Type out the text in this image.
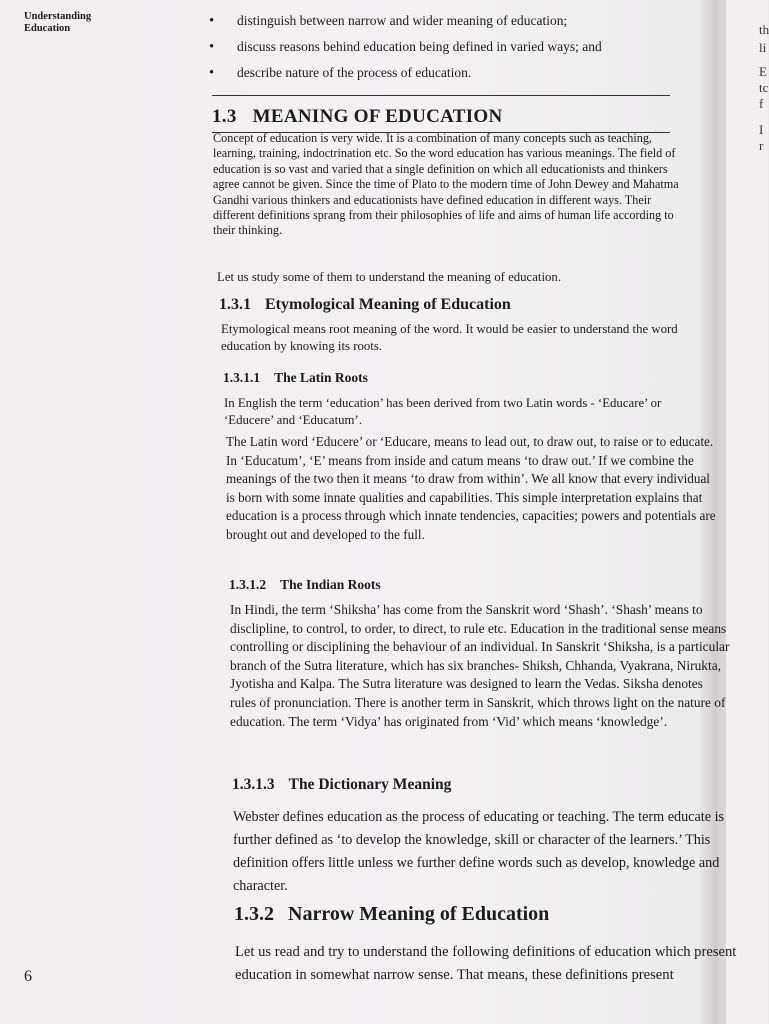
th
li
E
tc
f
I
r
Understanding Education
• distinguish between narrow and wider meaning of education;
• discuss reasons behind education being defined in varied ways; and
• describe nature of the process of education.
1.3 MEANING OF EDUCATION

Concept of education is very wide. It is a combination of many concepts such as teaching, learning, training, indoctrination etc. So the word education has various meanings. The field of education is so vast and varied that a single definition on which all educationists and thinkers agree cannot be given. Since the time of Plato to the modern time of John Dewey and Mahatma Gandhi various thinkers and educationists have defined education in different ways. Their different definitions sprang from their philosophies of life and aims of human life according to their thinking.

Let us study some of them to understand the meaning of education.

1.3.1 Etymological Meaning of Education

Etymological means root meaning of the word. It would be easier to understand the word education by knowing its roots.

1.3.1.1 The Latin Roots

In English the term ‘education’ has been derived from two Latin words - ‘Educare’ or ‘Educere’ and ‘Educatum’.

The Latin word ‘Educere’ or ‘Educare, means to lead out, to draw out, to raise or to educate. In ‘Educatum’, ‘E’ means from inside and catum means ‘to draw out.’ If we combine the meanings of the two then it means ‘to draw from within’. We all know that every individual is born with some innate qualities and capabilities. This simple interpretation explains that education is a process through which innate tendencies, capacities; powers and potentials are brought out and developed to the full.

1.3.1.2 The Indian Roots

In Hindi, the term ‘Shiksha’ has come from the Sanskrit word ‘Shash’. ‘Shash’ means to disclipline, to control, to order, to direct, to rule etc. Education in the traditional sense means controlling or disciplining the behaviour of an individual. In Sanskrit ‘Shiksha, is a particular branch of the Sutra literature, which has six branches- Shiksh, Chhanda, Vyakrana, Nirukta, Jyotisha and Kalpa. The Sutra literature was designed to learn the Vedas. Siksha denotes rules of pronunciation. There is another term in Sanskrit, which throws light on the nature of education. The term ‘Vidya’ has originated from ‘Vid’ which means ‘knowledge’.

1.3.1.3 The Dictionary Meaning

Webster defines education as the process of educating or teaching. The term educate is further defined as ‘to develop the knowledge, skill or character of the learners.’ This definition offers little unless we further define words such as develop, knowledge and character.

1.3.2 Narrow Meaning of Education

Let us read and try to understand the following definitions of education which present education in somewhat narrow sense. That means, these definitions present

6
